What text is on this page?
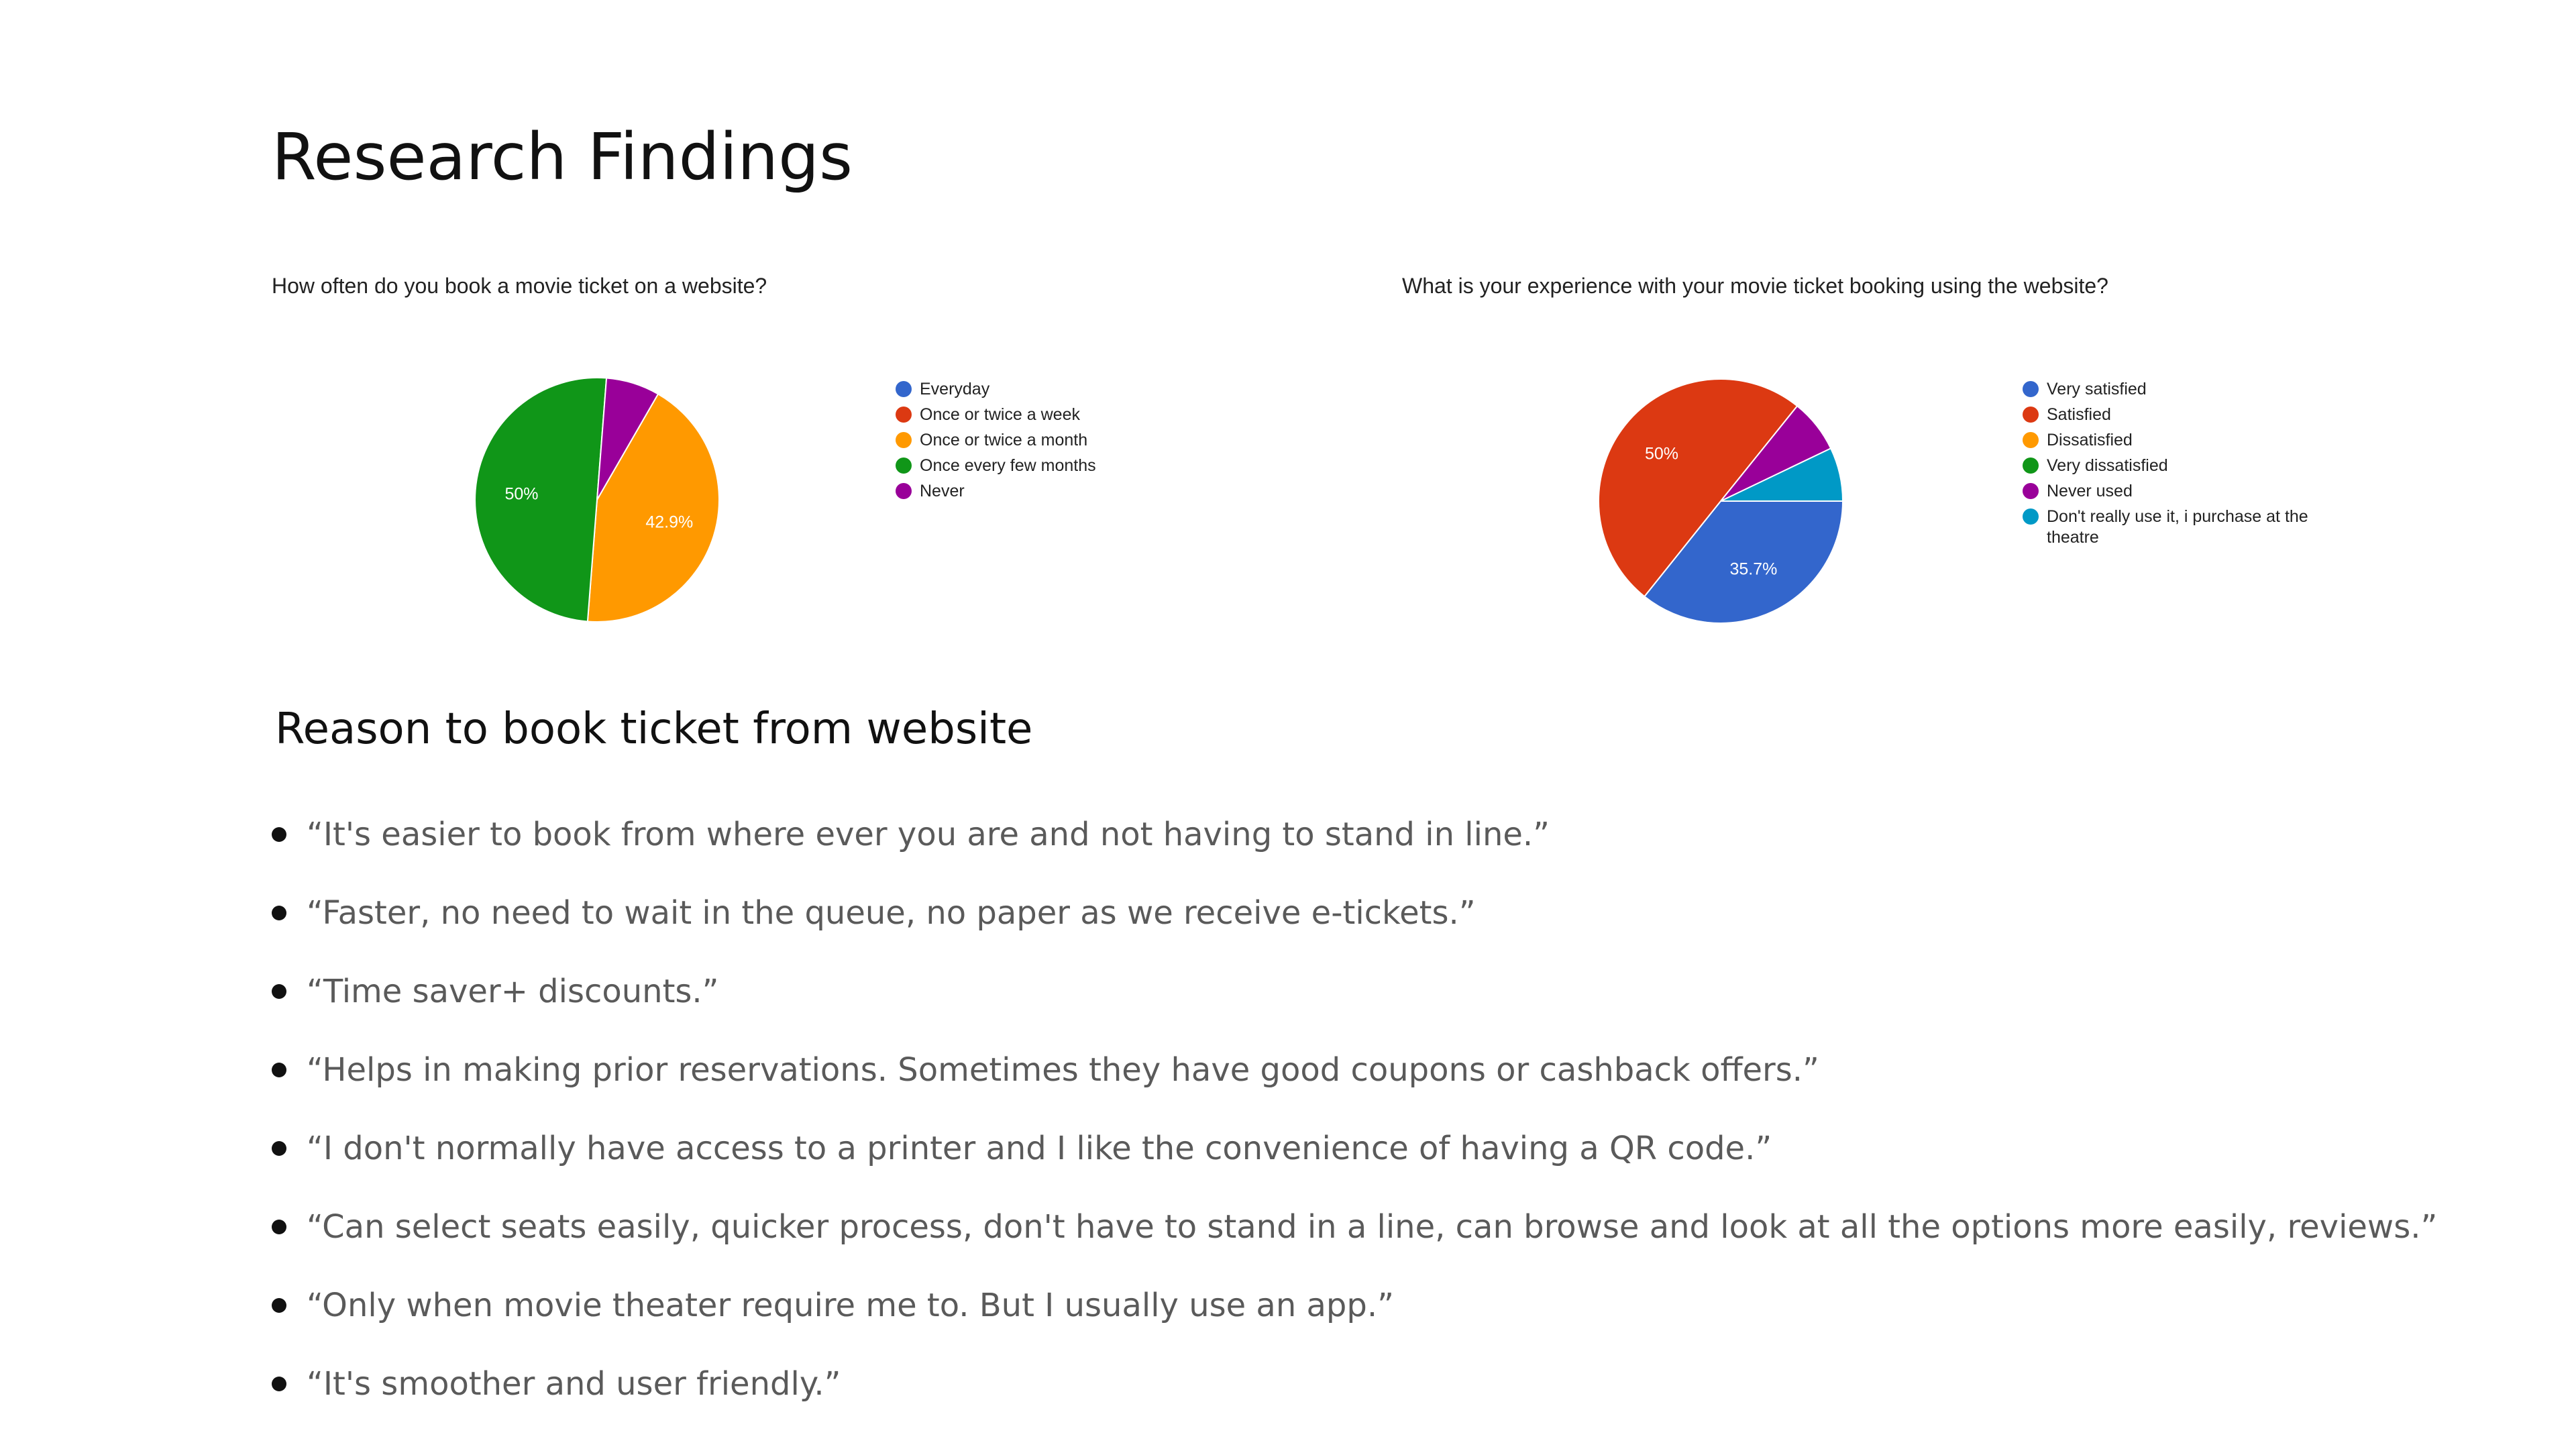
Research Findings
How often do you book a movie ticket on a website?
42.9%
50%
Everyday
Once or twice a week
Once or twice a month
Once every few months
Never
What is your experience with your movie ticket booking using the website?
35.7%
50%
Very satisfied
Satisfied
Dissatisfied
Very dissatisfied
Never used
Don't really use it, i purchase at the theatre
Reason to book ticket from website
“It's easier to book from where ever you are and not having to stand in line.”
“Faster, no need to wait in the queue, no paper as we receive e-tickets.”
“Time saver+ discounts.”
“Helps in making prior reservations. Sometimes they have good coupons or cashback offers.”
“I don't normally have access to a printer and I like the convenience of having a QR code.”
“Can select seats easily, quicker process, don't have to stand in a line, can browse and look at all the options more easily, reviews.”
“Only when movie theater require me to. But I usually use an app.”
“It's smoother and user friendly.”
